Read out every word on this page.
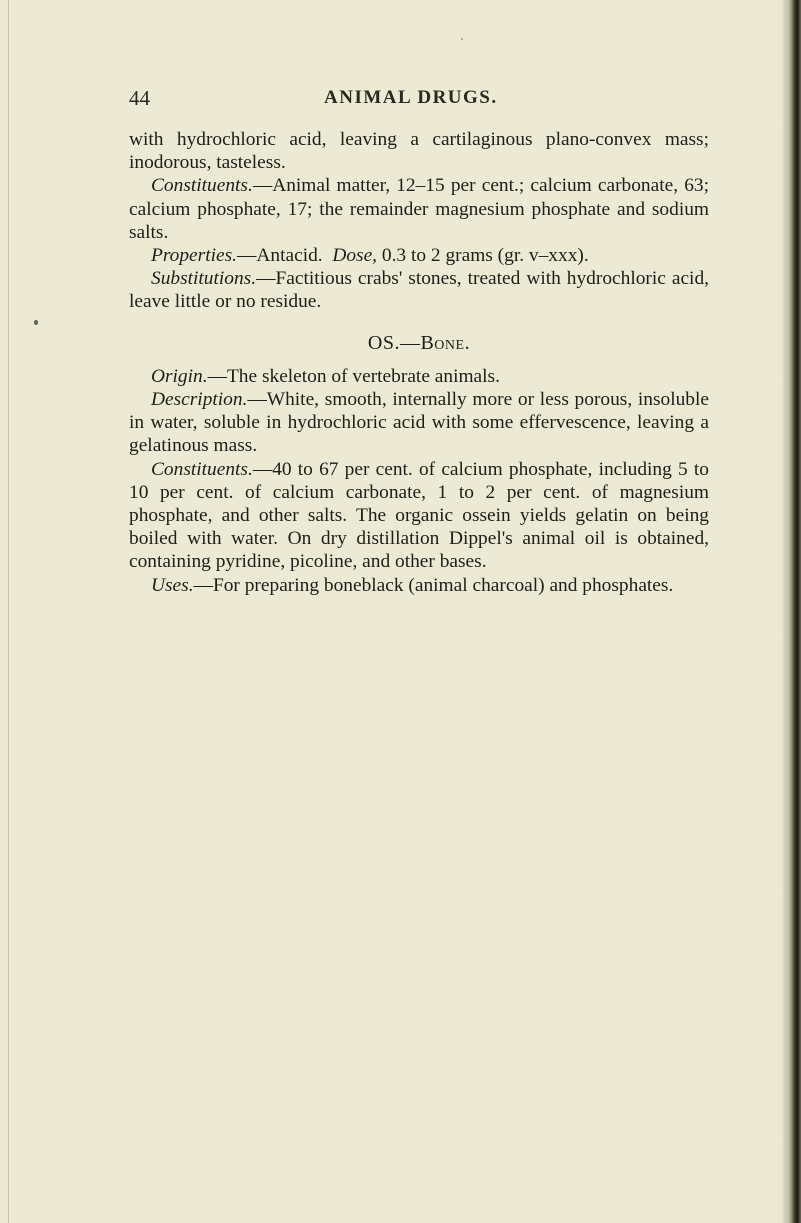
44	ANIMAL DRUGS.

with hydrochloric acid, leaving a cartilaginous plano-convex mass; inodorous, tasteless.

Constituents.—Animal matter, 12–15 per cent.; calcium carbonate, 63; calcium phosphate, 17; the remainder magnesium phosphate and sodium salts.

Properties.—Antacid. Dose, 0.3 to 2 grams (gr. v–xxx).

Substitutions.—Factitious crabs' stones, treated with hydrochloric acid, leave little or no residue.

OS.—Bone.

Origin.—The skeleton of vertebrate animals.

Description.—White, smooth, internally more or less porous, insoluble in water, soluble in hydrochloric acid with some effervescence, leaving a gelatinous mass.

Constituents.—40 to 67 per cent. of calcium phosphate, including 5 to 10 per cent. of calcium carbonate, 1 to 2 per cent. of magnesium phosphate, and other salts. The organic ossein yields gelatin on being boiled with water. On dry distillation Dippel's animal oil is obtained, containing pyridine, picoline, and other bases.

Uses.—For preparing boneblack (animal charcoal) and phosphates.
